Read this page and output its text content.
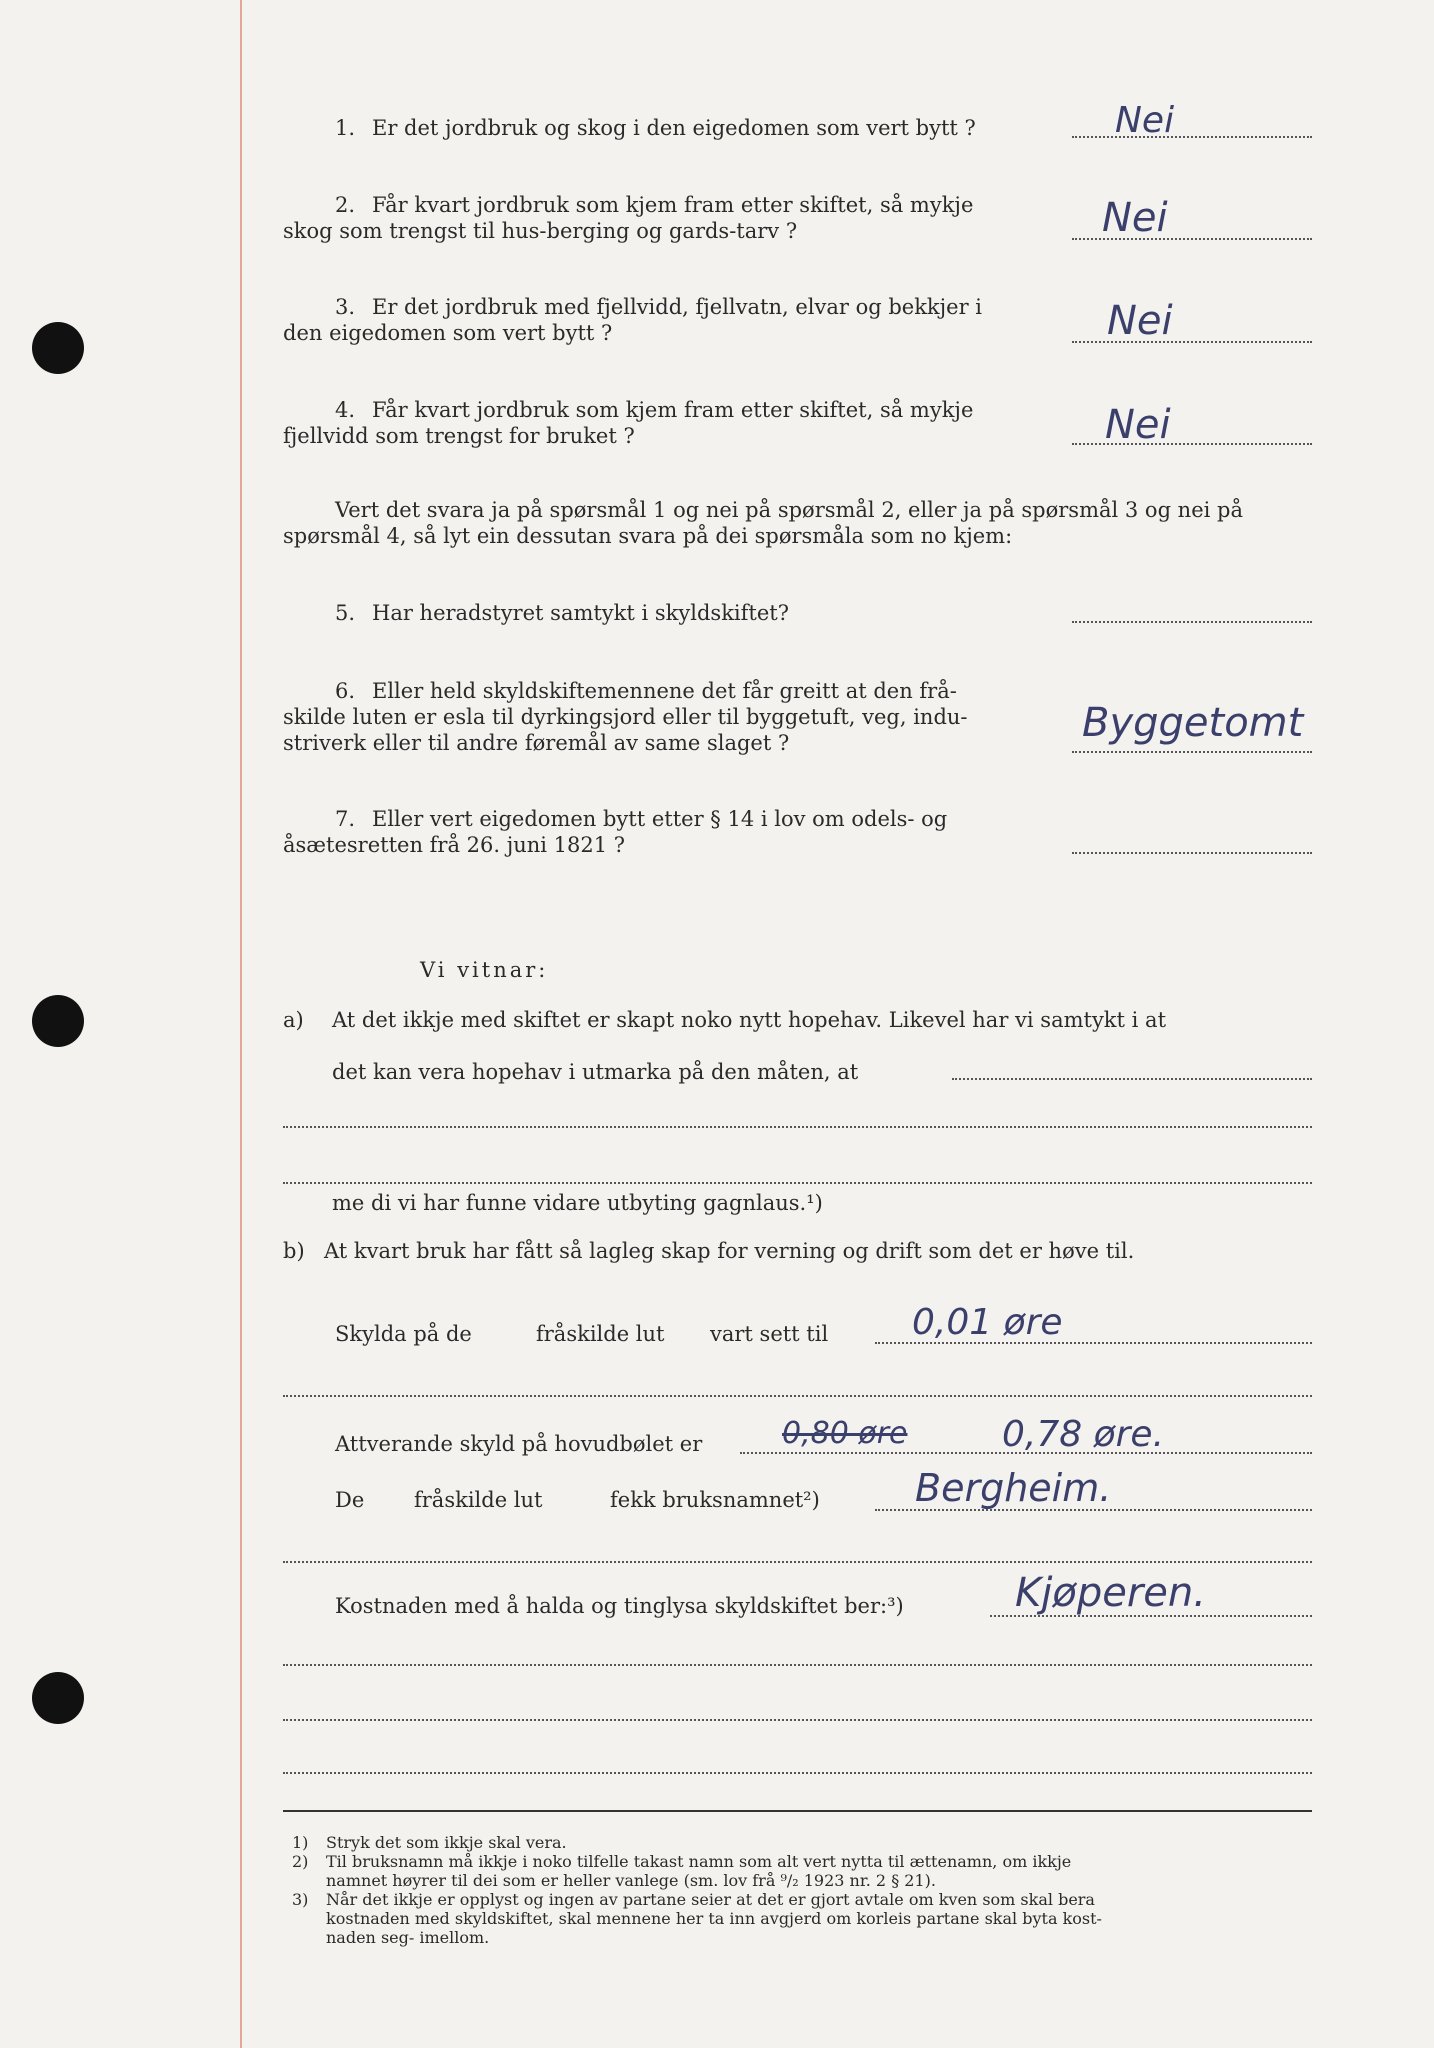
1. Er det jordbruk og skog i den eigedomen som vert bytt ?	Nei
2. Får kvart jordbruk som kjem fram etter skiftet, så mykje
skog som trengst til hus-berging og gards-tarv ?	Nei
3. Er det jordbruk med fjellvidd, fjellvatn, elvar og bekkjer i
den eigedomen som vert bytt ?	Nei
4. Får kvart jordbruk som kjem fram etter skiftet, så mykje
fjellvidd som trengst for bruket ?	Nei
Vert det svara ja på spørsmål 1 og nei på spørsmål 2, eller ja på spørsmål 3 og nei på
spørsmål 4, så lyt ein dessutan svara på dei spørsmåla som no kjem:
5. Har heradstyret samtykt i skyldskiftet?
6. Eller held skyldskiftemennene det får greitt at den frå-
skilde luten er esla til dyrkingsjord eller til byggetuft, veg, indu-
striverk eller til andre føremål av same slaget ?	Byggetomt
7. Eller vert eigedomen bytt etter § 14 i lov om odels- og
åsætesretten frå 26. juni 1821 ?
Vi vitnar:
a) At det ikkje med skiftet er skapt noko nytt hopehav. Likevel har vi samtykt i at
det kan vera hopehav i utmarka på den måten, at
me di vi har funne vidare utbyting gagnlaus.¹)
b) At kvart bruk har fått så lagleg skap for verning og drift som det er høve til.
Skylda på de	fråskilde lut vart sett til 0,01 øre
Attverande skyld på hovudbølet er	0,80 øre	0,78 øre.
De fråskilde lut	fekk bruksnamnet²)	Berghe​im.
Kostnaden med å halda og tinglysa skyldskiftet ber:³)	Kjøperen.
1) Stryk det som ikkje skal vera.
2) Til bruksnamn må ikkje i noko tilfelle takast namn som alt vert nytta til ættenamn, om ikkje
namnet høyrer til dei som er heller vanlege (sm. lov frå ⁹/₂ 1923 nr. 2 § 21).
3) Når det ikkje er opplyst og ingen av partane seier at det er gjort avtale om kven som skal bera
kostnaden med skyldskiftet, skal mennene her ta inn avgjerd om korleis partane skal byta kost-
naden seg- imellom.
